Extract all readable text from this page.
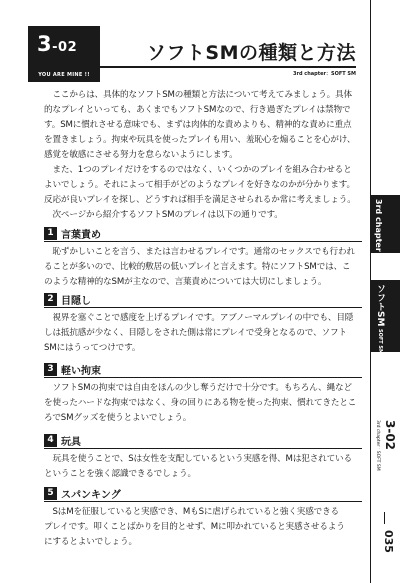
3-02
YOU ARE MINE !!
ソフトSMの種類と方法
3rd chapter：SOFT SM
3rd chapter
ソフトSMSOFT SM
3-02
3rd chapter：SOFT SM
035
　ここからは、具体的なソフトSMの種類と方法について考えてみましょう。具体
的なプレイといっても、あくまでもソフトSMなので、行き過ぎたプレイは禁物で
す。SMに慣れさせる意味でも、まずは肉体的な責めよりも、精神的な責めに重点
を置きましょう。拘束や玩具を使ったプレイも用い、羞恥心を煽ることを心がけ、
感覚を敏感にさせる努力を怠らないようにします。
　また、1つのプレイだけをするのではなく、いくつかのプレイを組み合わせると
よいでしょう。それによって相手がどのようなプレイを好きなのかが分かります。
反応が良いプレイを探し、どうすれば相手を満足させられるか常に考えましょう。
　次ページから紹介するソフトSMのプレイは以下の通りです。
1 言葉責め
　恥ずかしいことを言う、または言わせるプレイです。通常のセックスでも行われ
ることが多いので、比較的敷居の低いプレイと言えます。特にソフトSMでは、こ
のような精神的なSMが主なので、言葉責めについては大切にしましょう。
2 目隠し
　視界を塞ぐことで感度を上げるプレイです。アブノーマルプレイの中でも、目隠
しは抵抗感が少なく、目隠しをされた側は常にプレイで受身となるので、ソフト
SMにはうってつけです。
3 軽い拘束
　ソフトSMの拘束では自由をほんの少し奪うだけで十分です。もちろん、縄など
を使ったハードな拘束ではなく、身の回りにある物を使った拘束、慣れてきたとこ
ろでSMグッズを使うとよいでしょう。
4 玩具
　玩具を使うことで、Sは女性を支配しているという実感を得、Mは犯されている
ということを強く認識できるでしょう。
5 スパンキング
　SはMを征服していると実感でき、MもSに虐げられていると強く実感できる
プレイです。叩くことばかりを目的とせず、Mに叩かれていると実感させるよう
にするとよいでしょう。
